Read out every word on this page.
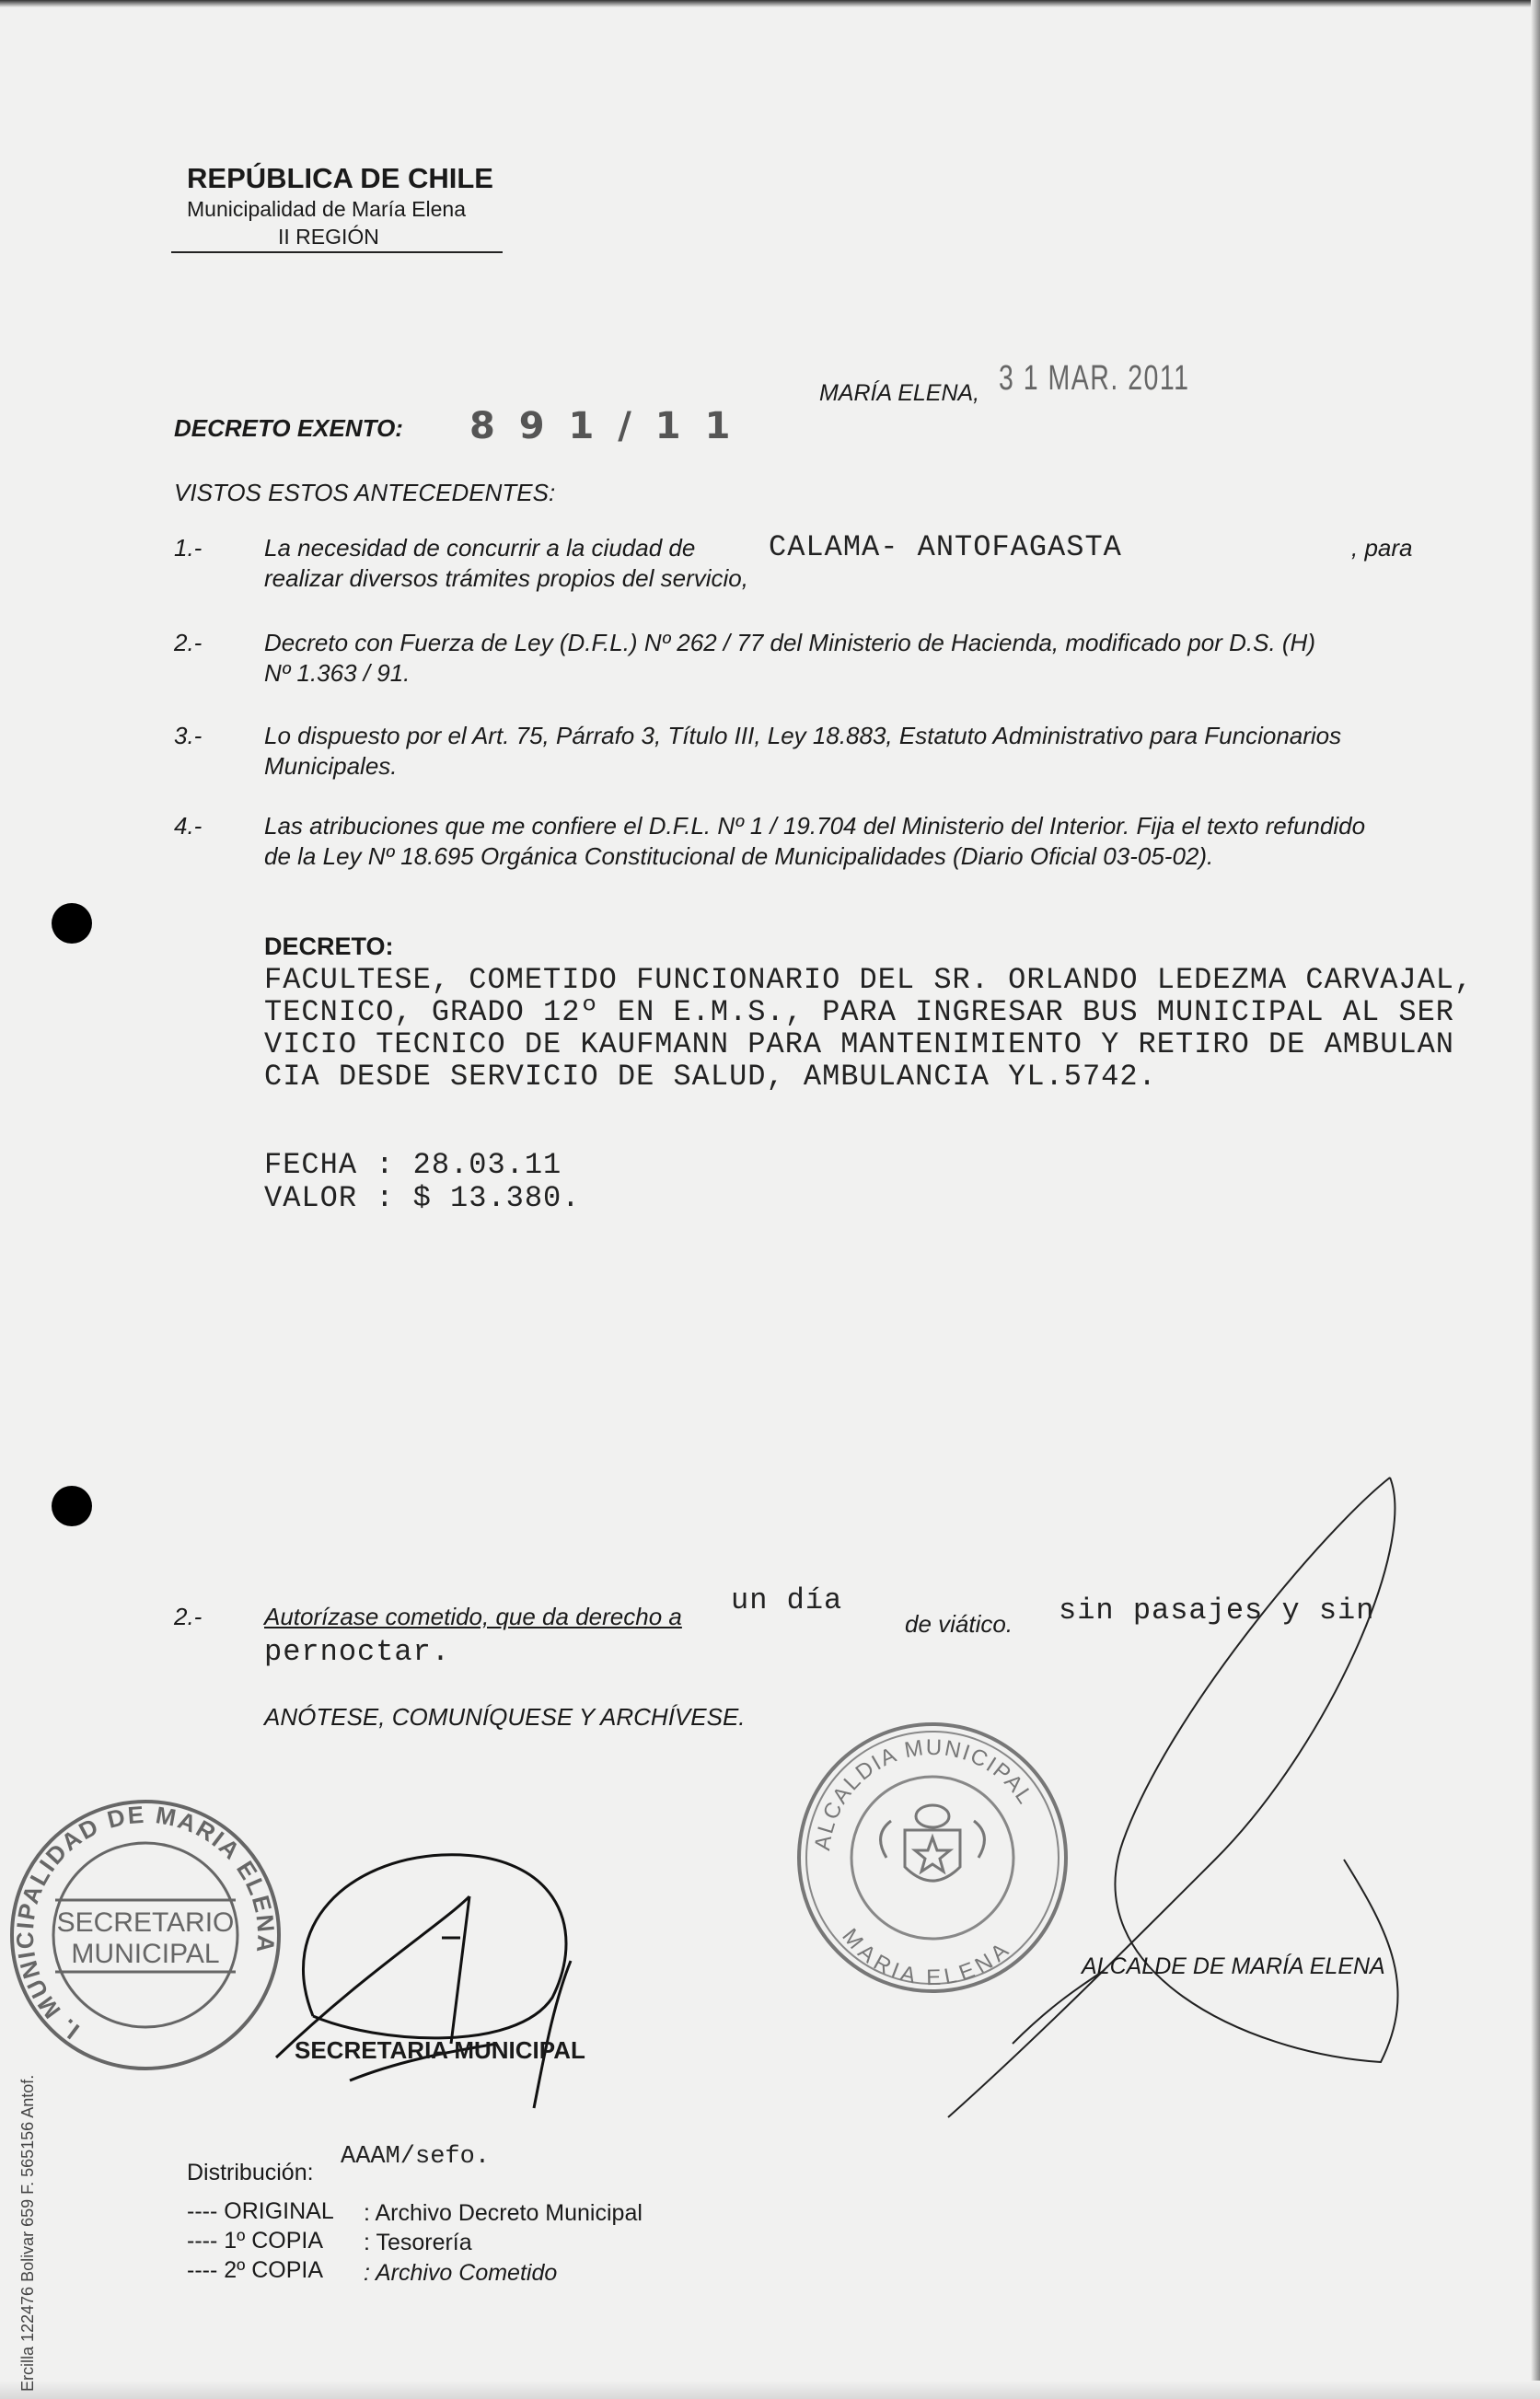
REPÚBLICA DE CHILE
Municipalidad de María Elena
II REGIÓN
MARÍA ELENA, 3 1 MAR. 2011
DECRETO EXENTO: 8 9 1 / 1 1
VISTOS ESTOS ANTECEDENTES:
1.-	La necesidad de concurrir a la ciudad de CALAMA- ANTOFAGASTA	, para
realizar diversos trámites propios del servicio,
2.-	Decreto con Fuerza de Ley (D.F.L.) Nº 262 / 77 del Ministerio de Hacienda, modificado por D.S. (H)
Nº 1.363 / 91.
3.-	Lo dispuesto por el Art. 75, Párrafo 3, Título III, Ley 18.883, Estatuto Administrativo para Funcionarios
Municipales.
4.-	Las atribuciones que me confiere el D.F.L. Nº 1 / 19.704 del Ministerio del Interior. Fija el texto refundido
de la Ley Nº 18.695 Orgánica Constitucional de Municipalidades (Diario Oficial 03-05-02).
DECRETO:
FACULTESE, COMETIDO FUNCIONARIO DEL SR. ORLANDO LEDEZMA CARVAJAL,
TECNICO, GRADO 12º EN E.M.S., PARA INGRESAR BUS MUNICIPAL AL SER
VICIO TECNICO DE KAUFMANN PARA MANTENIMIENTO Y RETIRO DE AMBULAN
CIA DESDE SERVICIO DE SALUD, AMBULANCIA YL.5742.
FECHA : 28.03.11
VALOR : $ 13.380.
2.-	Autorízase cometido, que da derecho a un día
de viático. sin pasajes y sin
pernoctar.
ANÓTESE, COMUNÍQUESE Y ARCHÍVESE.
ALCALDIA MUNICIPAL
MARIA ELENA
I. MUNICIPALIDAD DE MARIA ELENA
SECRETARIO
MUNICIPAL	ALCALDE DE MARÍA ELENA
SECRETARIA MUNICIPAL
Ercilla 122476 Bolivar 659 F. 565156 Antof.	Distribución:
AAAM/sefo.
---- ORIGINAL : Archivo Decreto Municipal
---- 1º COPIA : Tesorería
---- 2º COPIA : Archivo Cometido
